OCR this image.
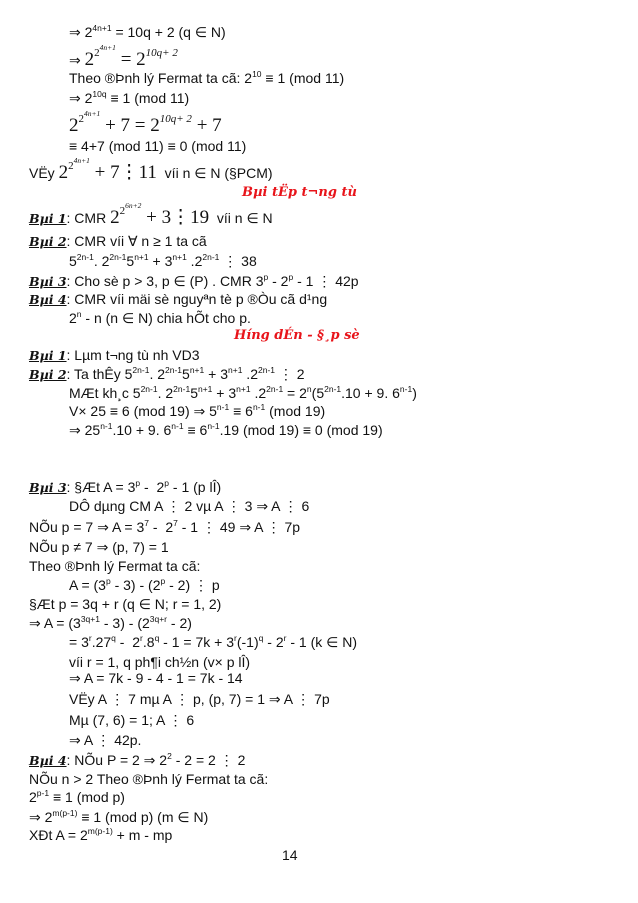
Bµi tËp t¬ng tù
Híng dÉn - §¸p sè
14
⇒ $2^{4n+1} = 10q + 2$ (q ∈ N)
⇒ $2^{24n+1} = 2^{10q+ 2}$
Theo ®Þnh lý Fermat ta cã: $2^{10} \equiv 1$ (mod 11)
⇒ $2^{10q} \equiv 1$ (mod 11)
$2^{24n+1} + 7 = 2^{10q+ 2} + 7$
≡ 4+7 (mod 11) ≡ 0 (mod 11)
VËy $2^{24n+1}$ + 7⋮11  víi n ∈ N (§PCM)
Bµi 1: CMR $2^{26n+2}$ + 3⋮19  víi n ∈ N
Bµi 2: CMR víi ∀ n ≥ 1 ta cã
$5^{2n-1}$. $2^{2n-1}5^{n+1} + 3^{n+1}$ $.2^{2n-1}$ ⋮ 38
Bµi 3: Cho sè p > 3, p ∈ (P) . CMR 3$^p$ - 2$^p$ - 1 ⋮ 42p
Bµi 4: CMR víi mäi sè nguyªn tè p ®Òu cã d¹ng
2$^n$ - n (n ∈ N) chia hÕt cho p.
Bµi 1: Lµm t¬ng tù nh VD3
Bµi 2: Ta thÊy $5^{2n-1}$. $2^{2n-1}5^{n+1} + 3^{n+1}$ $.2^{2n-1}$ ⋮ 2
MÆt kh¸c $5^{2n-1}$. $2^{2n-1}5^{n+1} + 3^{n+1}$ $.2^{2n-1} = 2^n(5^{2n-1}.10 + 9$. 6$^{n-1}$)
V× 25 ≡ 6 (mod 19) ⇒ $5^{n-1} \equiv 6^{n-1}$ (mod 19)
⇒ $25^{n-1}.10 + 9$. $6^{n-1} \equiv 6^{n-1}.19$ (mod 19) ≡ 0 (mod 19)
Bµi 3: §Æt $A = 3^p - 2^p - 1$ (p lÎ)
DÔ dµng CM A ⋮ 2 vµ A ⋮ 3 ⇒ A ⋮ 6
NÕu p = 7 ⇒ $A = 3^7 - 2^7 - 1$ ⋮ 49 ⇒ A ⋮ 7p
NÕu p ≠ 7 ⇒ (p, 7) = 1
Theo ®Þnh lý Fermat ta cã:
$A = (3^p - 3) - (2^p - 2)$ ⋮ p
§Æt p = 3q + r (q ∈ N; r = 1, 2)
⇒ $A = (3^{3q+1} - 3) - (2^{3q+r} - 2)$
= $3^r.27^q - 2^r.8^q - 1 = 7k + 3^r(-1)^q - 2^r - 1$ (k ∈ N)
víi r = 1, q ph¶i ch½n (v× p lÎ)
⇒ A = 7k - 9 - 4 - 1 = 7k - 14
VËy A ⋮ 7 mµ A ⋮ p, (p, 7) = 1 ⇒ A ⋮ 7p
Mµ (7, 6) = 1; A ⋮ 6
⇒ A ⋮ 42p.
Bµi 4: NÕu P = 2 ⇒ $2^2 - 2 = 2$ ⋮ 2
NÕu n > 2 Theo ®Þnh lý Fermat ta cã:
$2^{p-1} \equiv 1$ (mod p)
⇒ $2^{m(p-1)} \equiv 1$ (mod p) (m ∈ N)
XÐt $A = 2^{m(p-1)} + m$ - mp
